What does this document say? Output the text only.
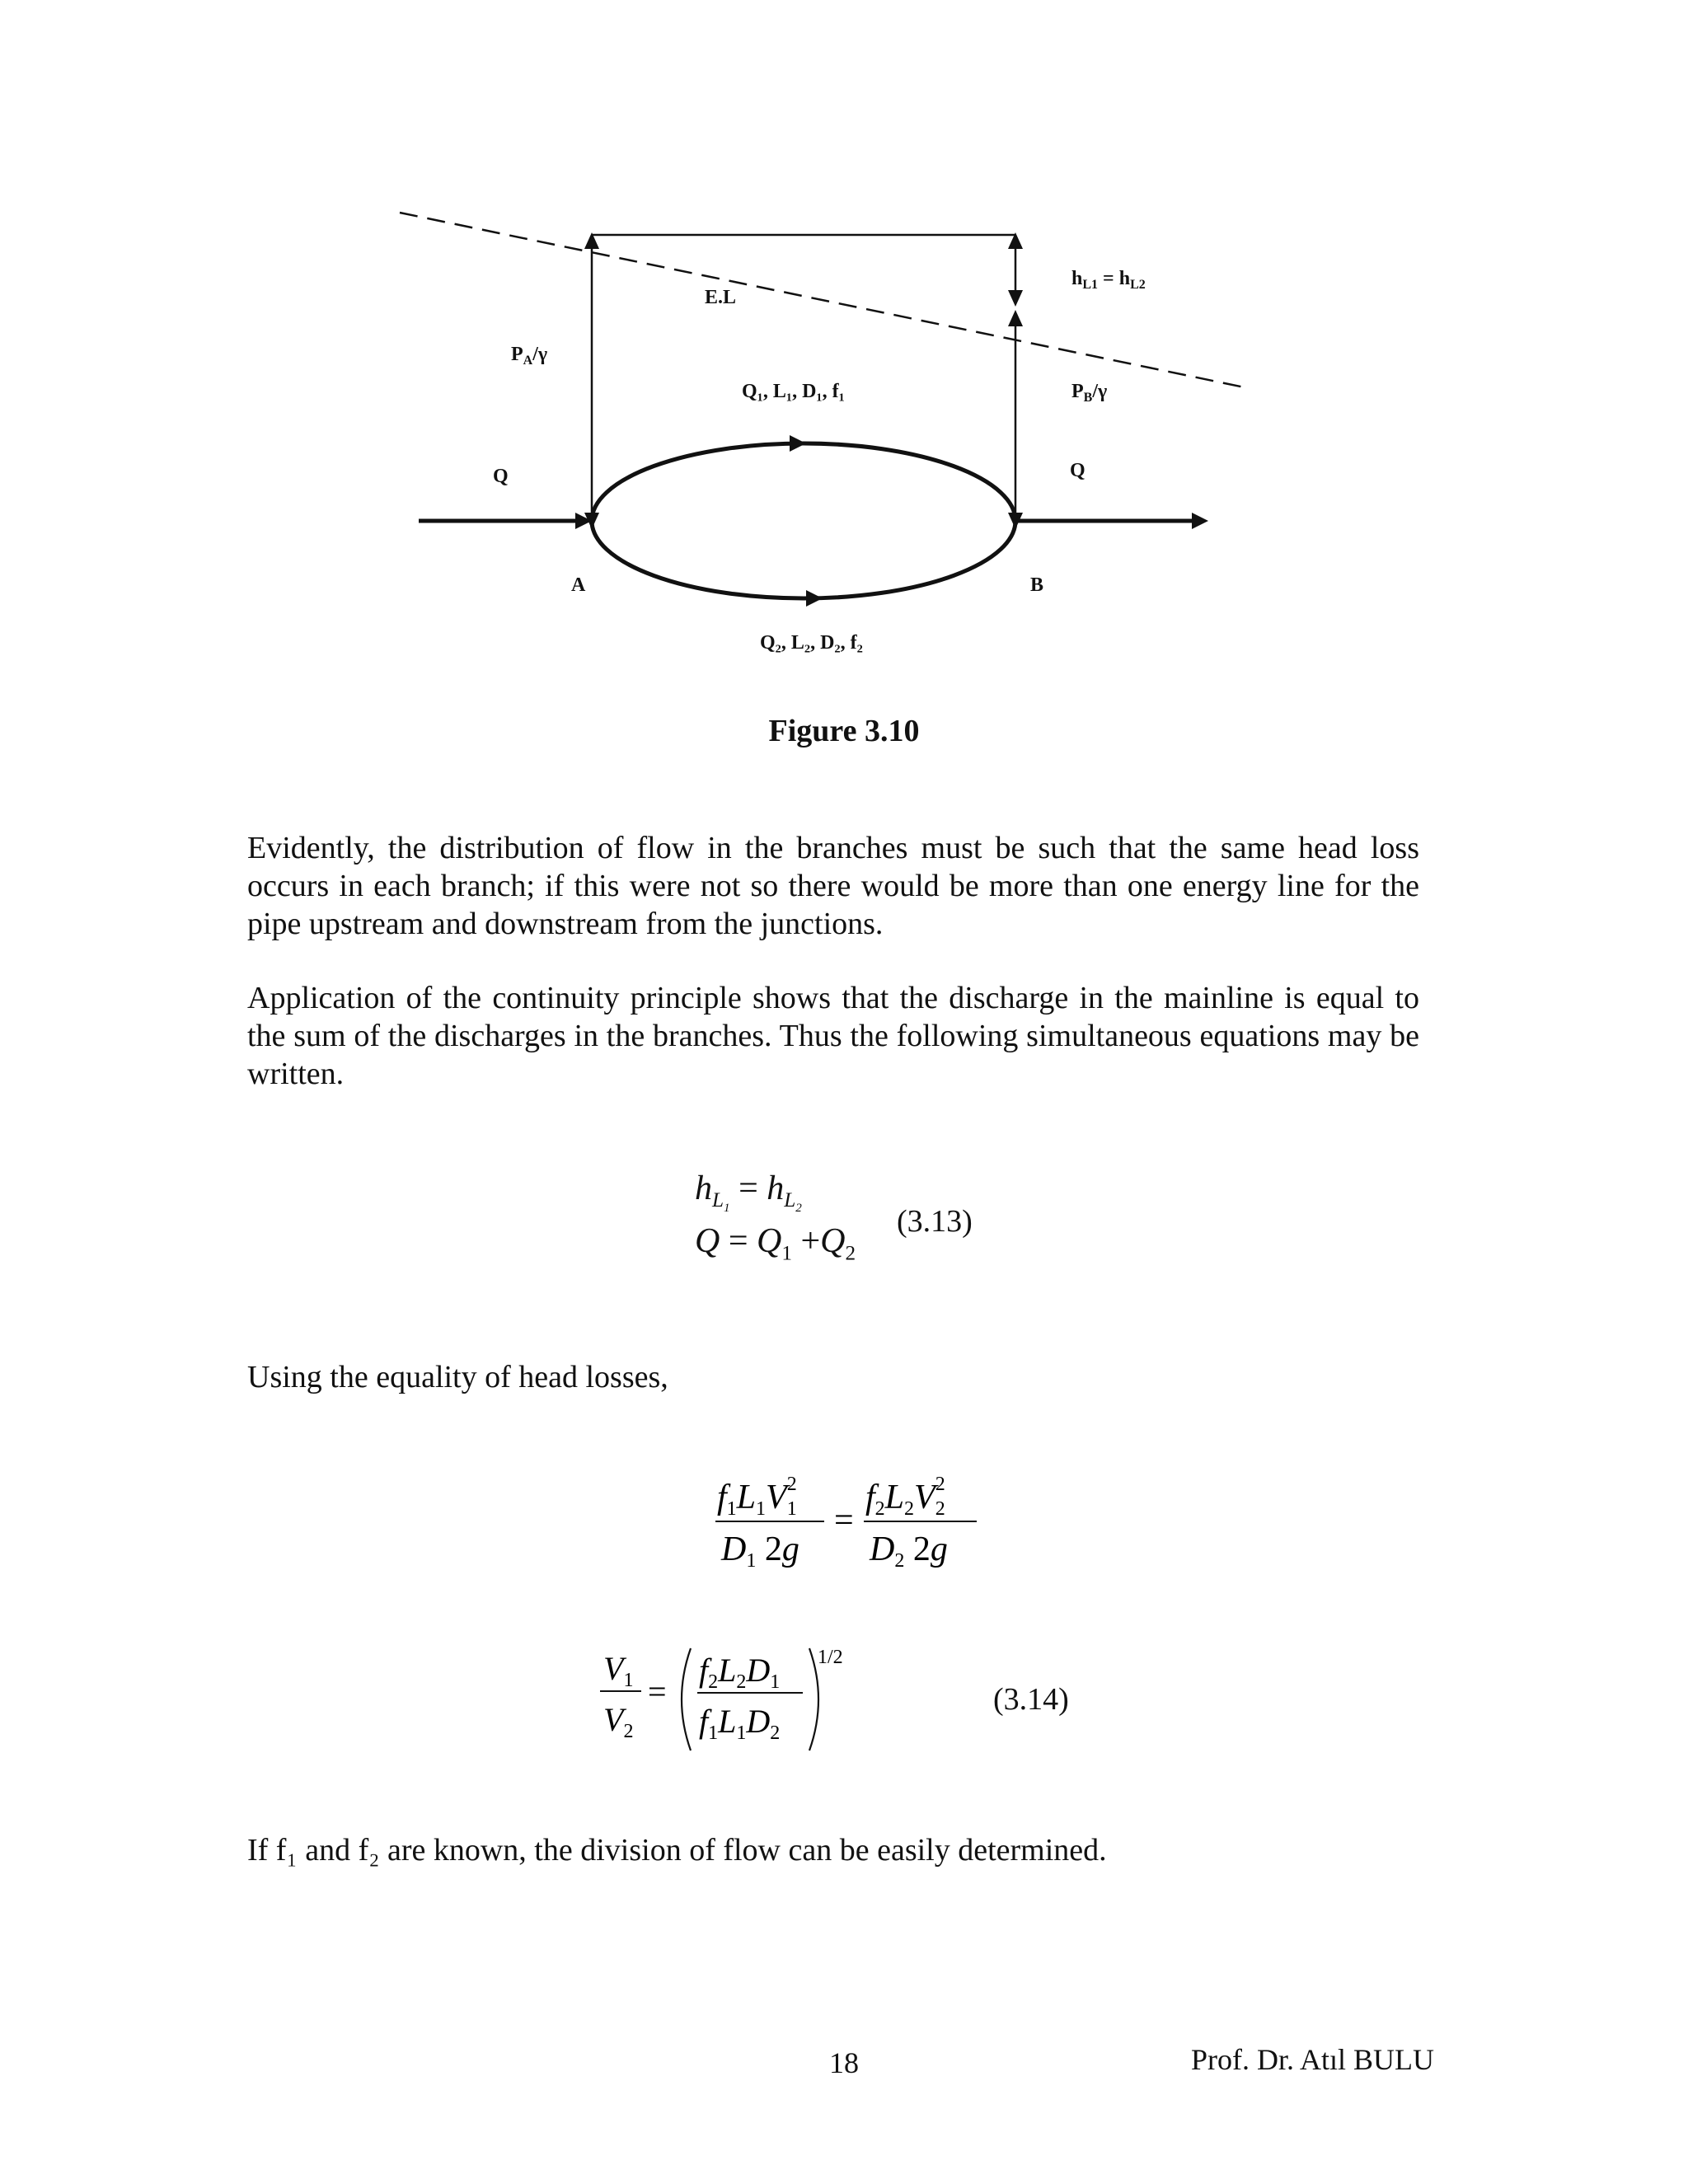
E.L
$h_{L1} = h_{L2}$
$P_A/\gamma$
$P_B/\gamma$
Q₁, L₁, D₁, f₁
Q	Q
A	B
Q₂, L₂, D₂, f₂
Figure 3.10
Evidently, the distribution of flow in the branches must be such that the same head loss occurs in each branch; if this were not so there would be more than one energy line for the pipe upstream and downstream from the junctions.
Application of the continuity principle shows that the discharge in the mainline is equal to the sum of the discharges in the branches. Thus the following simultaneous equations may be written.
$h_{L_1} = h_{L_2}$
$Q = Q_1 +Q_2$
(3.13)
Using the equality of head losses,
f1L1V12
D1 2g
=
f2L2V22
D2 2g
$V_1$
$V_2$
=
$f_2L_2D_1$
$f_1L_1D_2$
1/2
(3.14)
If f₁ and f₂ are known, the division of flow can be easily determined.
18	Prof. Dr. Atıl BULU
